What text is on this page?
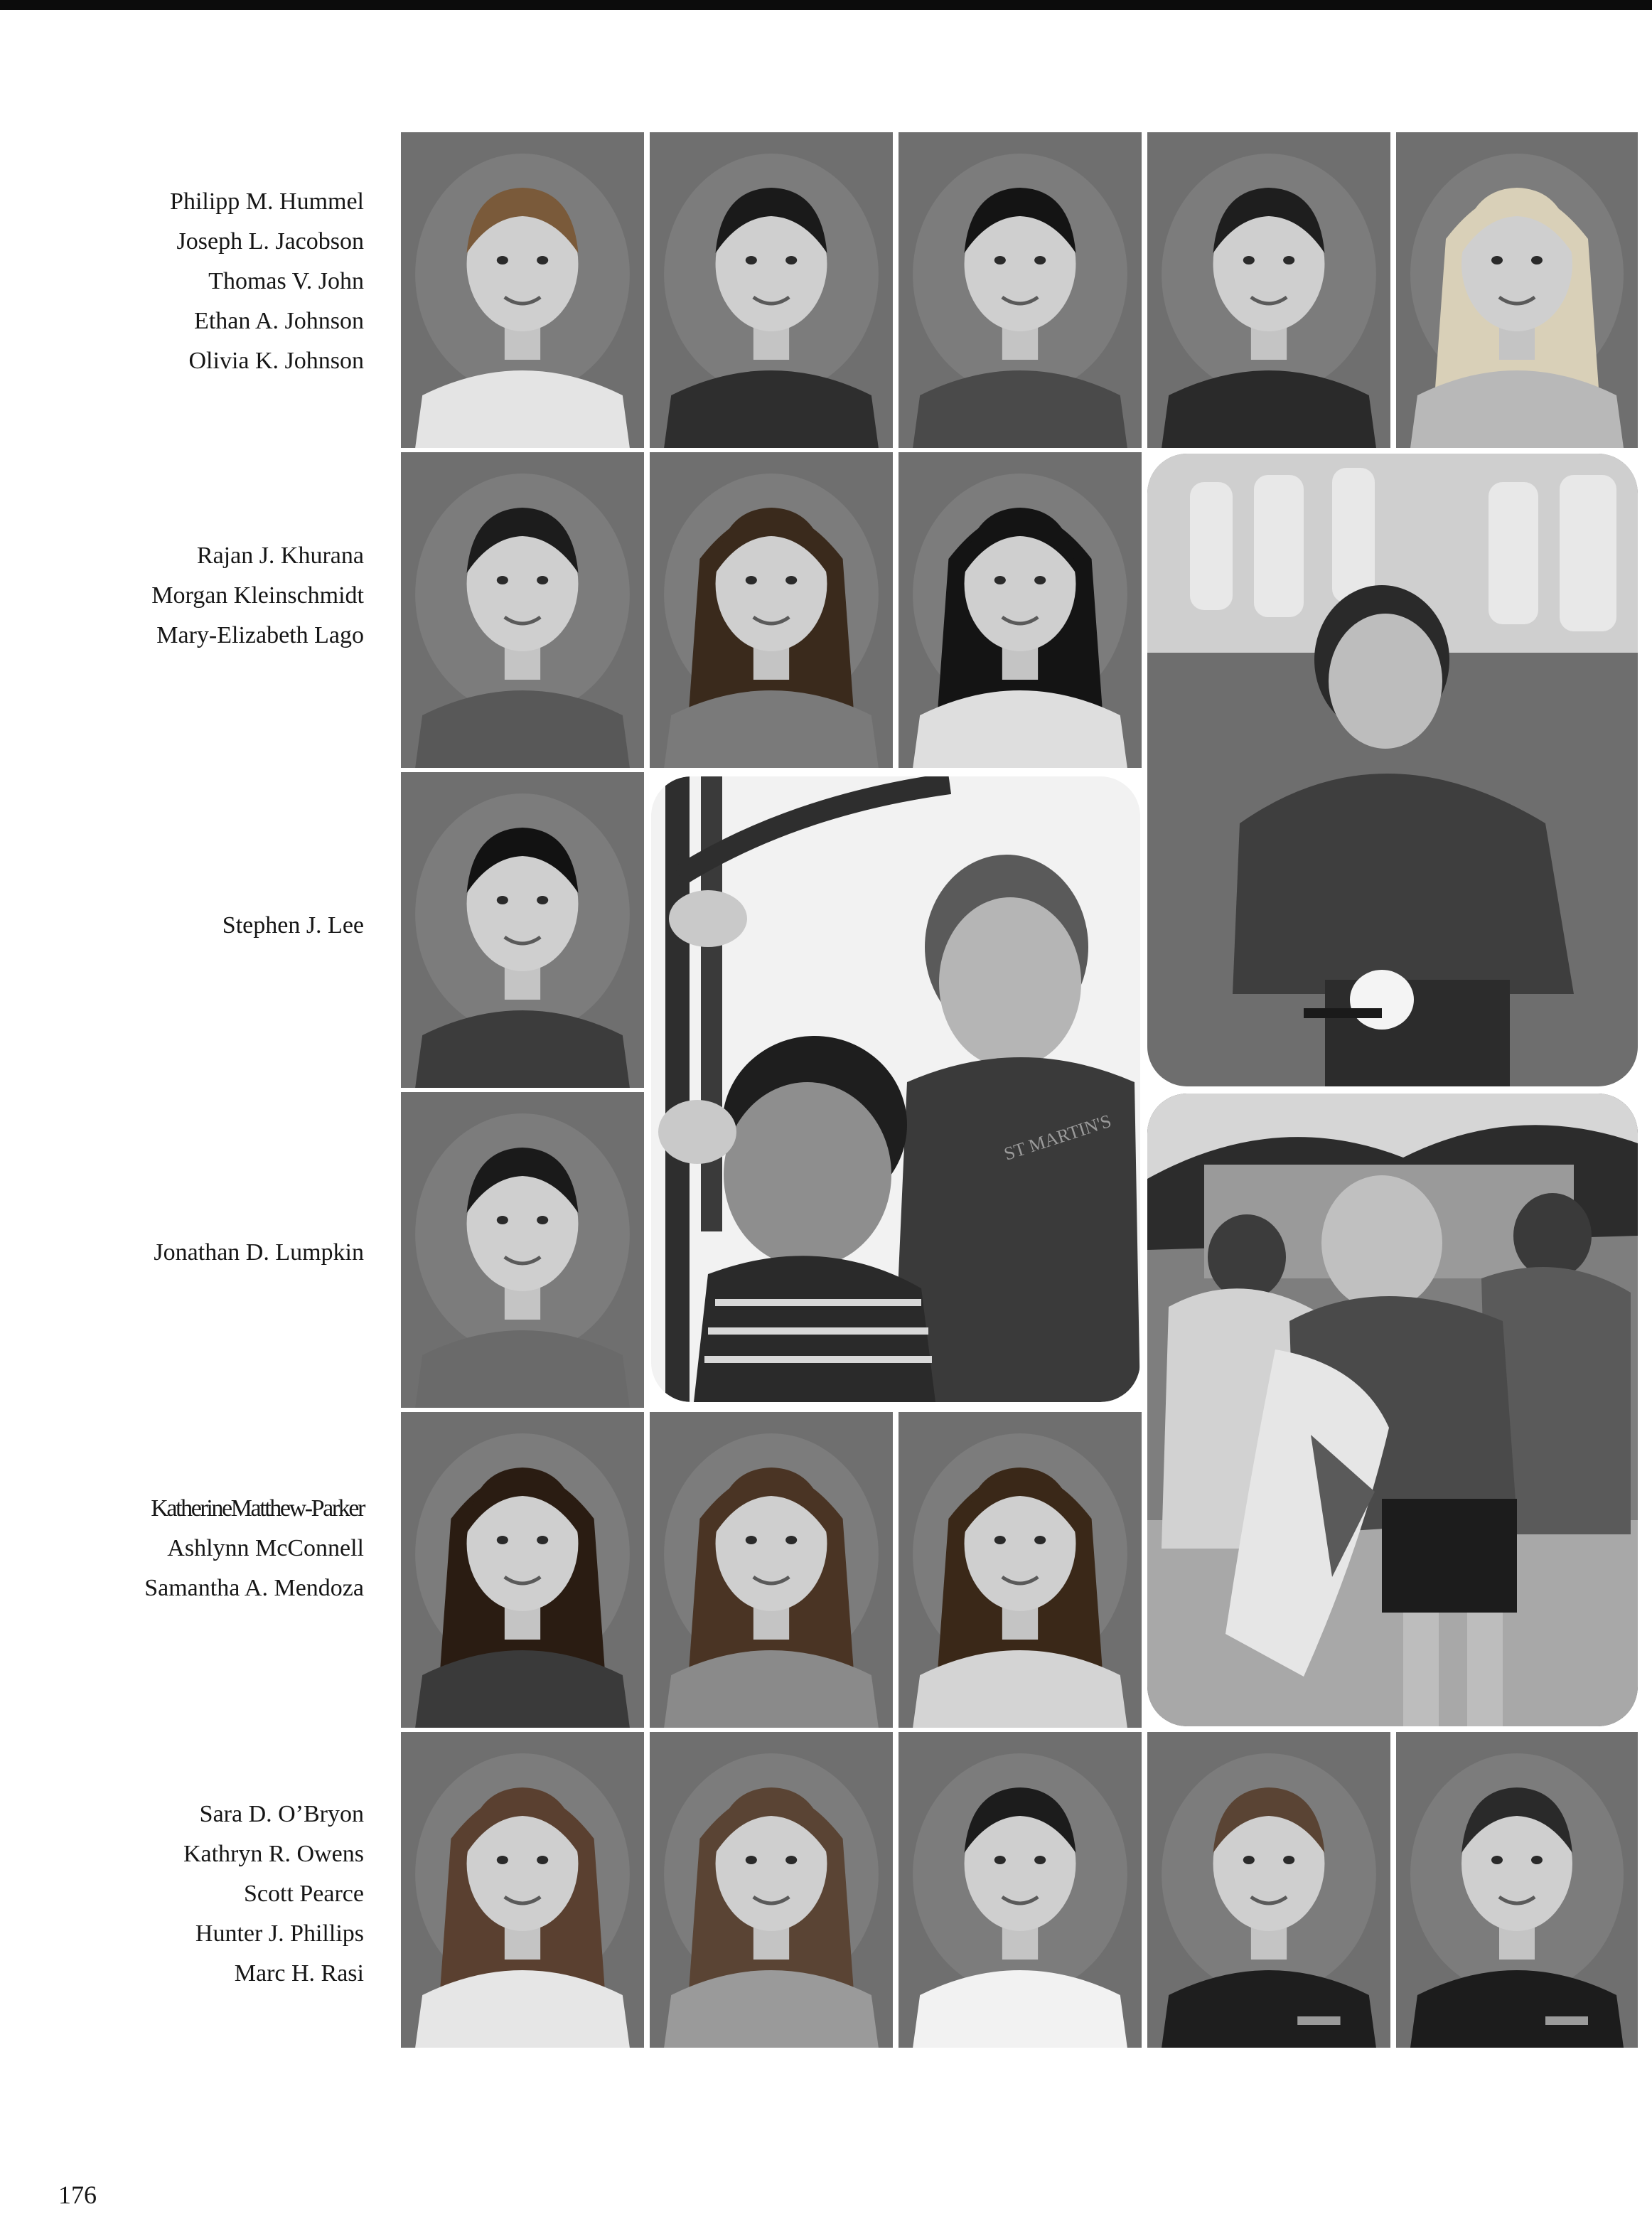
Philipp M. Hummel
Joseph L. Jacobson
Thomas V. John
Ethan A. Johnson
Olivia K. Johnson
Rajan J. Khurana
Morgan Kleinschmidt
Mary-Elizabeth Lago
Stephen J. Lee
Jonathan D. Lumpkin
KatherineMatthew-Parker
Ashlynn McConnell
Samantha A. Mendoza
Sara D. O’Bryon
Kathryn R. Owens
Scott Pearce
Hunter J. Phillips
Marc H. Rasi
ST MARTIN'S
176
